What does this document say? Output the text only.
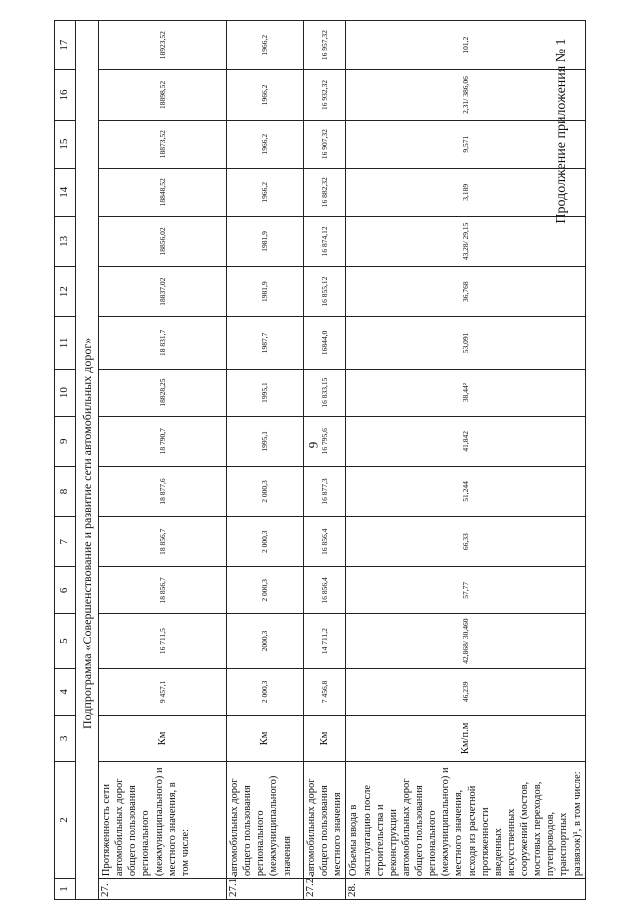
9
Продолжение приложения № 1
1	2	3	4	5	6	7	8	9	10	11	12	13	14	15	16	17
Подпрограмма «Совершенствование и развитие сети автомобильных дорог»																
27.	Протяженность сети автомобильных дорог общего пользования регионального (межмуниципального) и местного значения, в том числе:	Км	9 457,1	16 711,5	18 856,7	18 856,7	18 877,6	18 790,7	18828,25	18 831,7	18837,02	18856,02	18848,52	18873,52	18898,52	18923,52
27.1.	автомобильных дорог общего пользования регионального (межмуниципального) значения	Км	2 000,3	2000,3	2 000,3	2 000,3	2 000,3	1995,1	1995,1	1987,7	1981,9	1981,9	1966,2	1966,2	1966,2	1966,2
27.2.	автомобильных дорог общего пользования местного значения	Км	7 456,8	14 711,2	16 856,4	16 856,4	16 877,3	16 795,6	16 833,15	16844,0	16 855,12	16 874,12	16 882,32	16 907,32	16 932,32	16 957,32
28.	Объемы ввода в эксплуатацию после строительства и реконструкции автомобильных дорог общего пользования регионального (межмуниципального) и местного значения, исходя из расчетной протяженности введенных искусственных сооружений (мостов, мостовых переходов, путепроводов, транспортных развязок)¹, в том числе:	Км/п.м	46,239	42,868/ 30,460	57,77	66,33	51,244	41,842	38,44²	53,091	36,768	43,28/ 29,15	3,189	9,571	2,31/ 386,06	101,2
